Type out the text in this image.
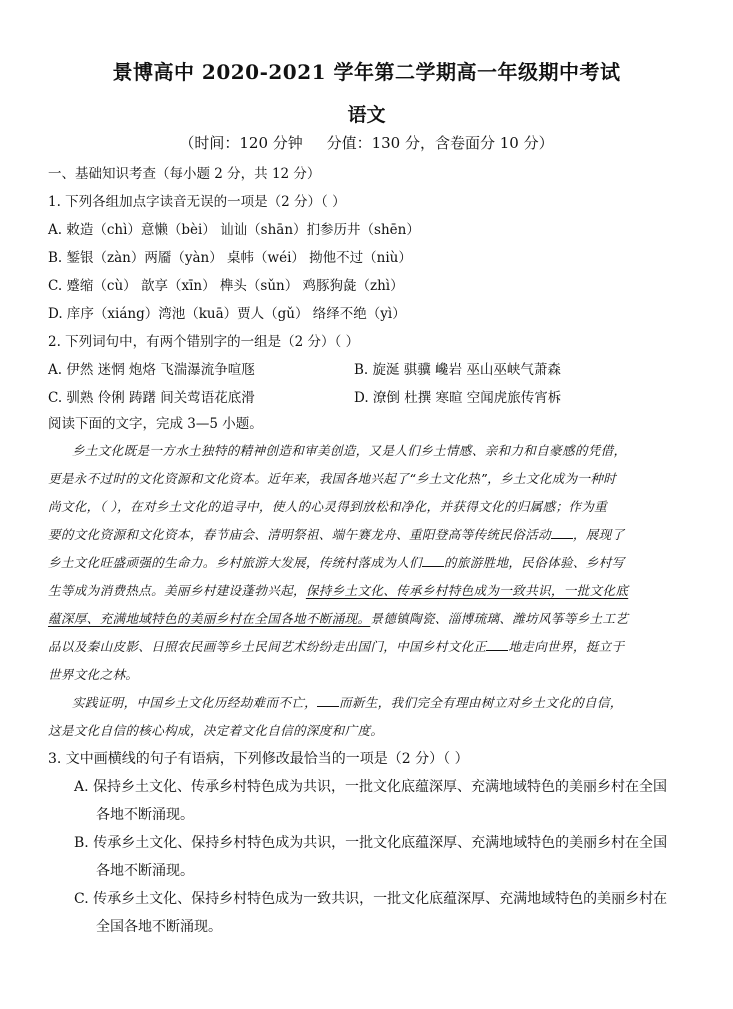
景博高中 2020-2021 学年第二学期高一年级期中考试
语文
（时间：120 分钟     分值：130 分，含卷面分 10 分）
一、基础知识考查（每小题 2 分，共 12 分）
1. 下列各组加点字读音无误的一项是（2 分）（ ）
A. 敕造（chì）意懒（bèi） 讪讪（shān）扪参历井（shēn）
B. 錾银（zàn）两靥（yàn） 桌帏（wéi） 拗他不过（niù）
C. 蹙缩（cù） 歆享（xīn） 榫头（sǔn） 鸡豚狗彘（zhì）
D. 庠序（xiáng）湾池（kuā）贾人（gǔ） 络绎不绝（yì）
2. 下列词句中，有两个错别字的一组是（2 分）（ ）
A. 伊然 迷惘 炮烙 飞湍瀑流争喧豗	B. 旋涎 骐骥 巉岩 巫山巫峡气萧森
C. 驯熟 伶俐 踌躇 间关莺语花底滑	D. 潦倒 杜撰 寒暄 空闻虎旅传宵柝
阅读下面的文字，完成 3—5 小题。
乡土文化既是一方水土独特的精神创造和审美创造，又是人们乡土情感、亲和力和自豪感的凭借，
更是永不过时的文化资源和文化资本。近年来，我国各地兴起了“乡土文化热”，乡土文化成为一种时
尚文化，（ ），在对乡土文化的追寻中，使人的心灵得到放松和净化，并获得文化的归属感；作为重
要的文化资源和文化资本，春节庙会、清明祭祖、端午赛龙舟、重阳登高等传统民俗活动 ，展现了
乡土文化旺盛顽强的生命力。乡村旅游大发展，传统村落成为人们 的旅游胜地，民俗体验、乡村写
生等成为消费热点。美丽乡村建设蓬勃兴起，保持乡土文化、传承乡村特色成为一致共识，一批文化底
蕴深厚、充满地域特色的美丽乡村在全国各地不断涌现。景德镇陶瓷、淄博琉璃、潍坊风筝等乡土工艺
品以及秦山皮影、日照农民画等乡土民间艺术纷纷走出国门，中国乡村文化正 地走向世界，挺立于
世界文化之林。
实践证明，中国乡土文化历经劫难而不亡， 而新生，我们完全有理由树立对乡土文化的自信，
这是文化自信的核心构成，决定着文化自信的深度和广度。
3. 文中画横线的句子有语病，下列修改最恰当的一项是（2 分）（ ）
A. 保持乡土文化、传承乡村特色成为共识，一批文化底蕴深厚、充满地域特色的美丽乡村在全国
各地不断涌现。
B. 传承乡土文化、保持乡村特色成为共识，一批文化底蕴深厚、充满地域特色的美丽乡村在全国
各地不断涌现。
C. 传承乡土文化、保持乡村特色成为一致共识，一批文化底蕴深厚、充满地域特色的美丽乡村在
全国各地不断涌现。
